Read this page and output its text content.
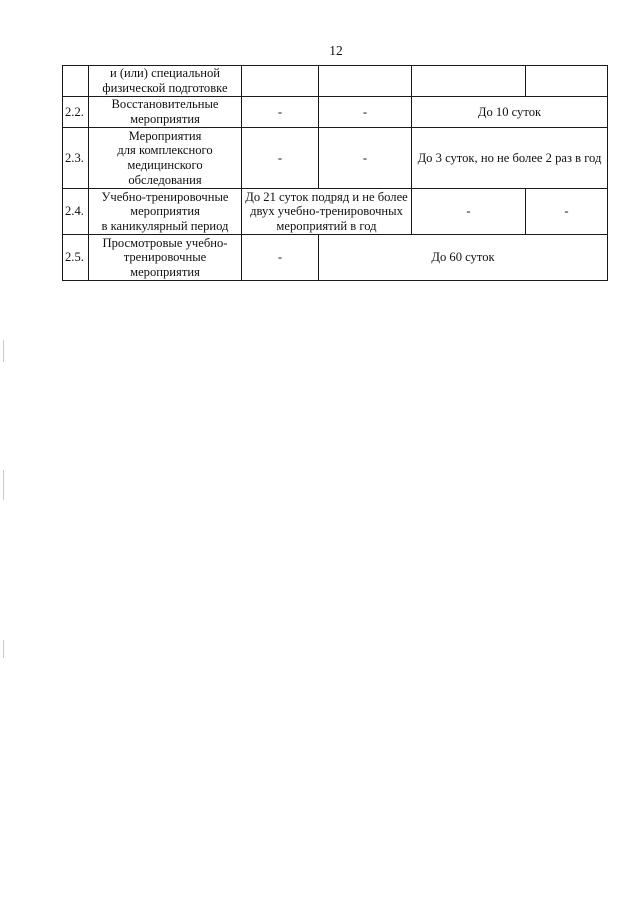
12
	и (или) специальной
физической подготовке				
2.2.	Восстановительные
мероприятия	-	-	До 10 суток	
2.3.	Мероприятия
для комплексного
медицинского
обследования	-	-	До 3 суток, но не более 2 раз в год	
2.4.	Учебно-тренировочные
мероприятия
в каникулярный период	До 21 суток подряд и не более
двух учебно-тренировочных
мероприятий в год		-	-
2.5.	Просмотровые учебно-
тренировочные
мероприятия	-	До 60 суток		
